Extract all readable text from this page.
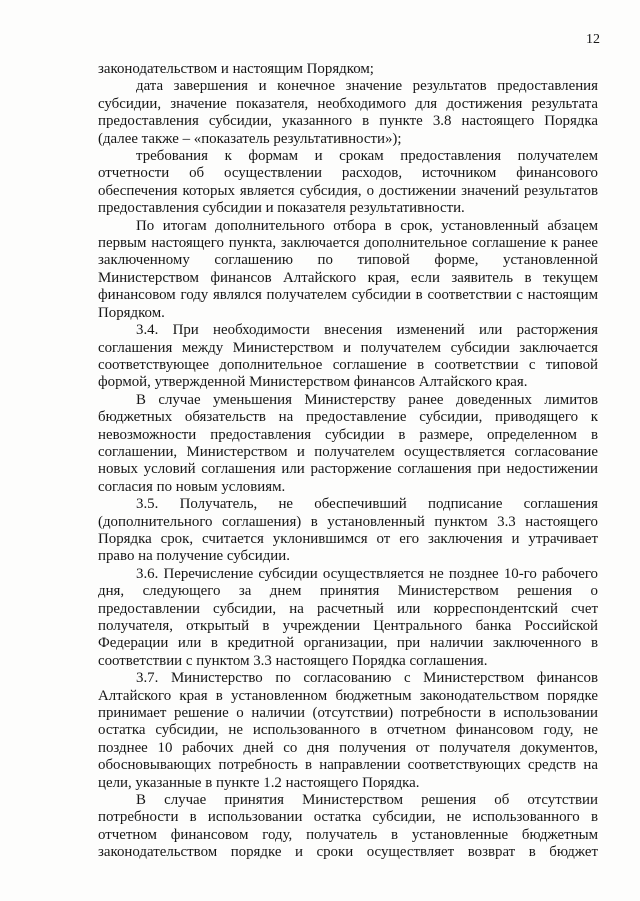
12

законодательством и настоящим Порядком;

дата завершения и конечное значение результатов предоставления
субсидии, значение показателя, необходимого для достижения результата
предоставления субсидии, указанного в пункте 3.8 настоящего Порядка
(далее также – «показатель результативности»);

требования к формам и срокам предоставления получателем
отчетности об осуществлении расходов, источником финансового
обеспечения которых является субсидия, о достижении значений результатов
предоставления субсидии и показателя результативности.

По итогам дополнительного отбора в срок, установленный абзацем
первым настоящего пункта, заключается дополнительное соглашение к ранее
заключенному соглашению по типовой форме, установленной
Министерством финансов Алтайского края, если заявитель в текущем
финансовом году являлся получателем субсидии в соответствии с настоящим
Порядком.

3.4. При необходимости внесения изменений или расторжения
соглашения между Министерством и получателем субсидии заключается
соответствующее дополнительное соглашение в соответствии с типовой
формой, утвержденной Министерством финансов Алтайского края.

В случае уменьшения Министерству ранее доведенных лимитов
бюджетных обязательств на предоставление субсидии, приводящего к
невозможности предоставления субсидии в размере, определенном в
соглашении, Министерством и получателем осуществляется согласование
новых условий соглашения или расторжение соглашения при недостижении
согласия по новым условиям.

3.5. Получатель, не обеспечивший подписание соглашения
(дополнительного соглашения) в установленный пунктом 3.3 настоящего
Порядка срок, считается уклонившимся от его заключения и утрачивает
право на получение субсидии.

3.6. Перечисление субсидии осуществляется не позднее 10-го рабочего
дня, следующего за днем принятия Министерством решения о
предоставлении субсидии, на расчетный или корреспондентский счет
получателя, открытый в учреждении Центрального банка Российской
Федерации или в кредитной организации, при наличии заключенного в
соответствии с пунктом 3.3 настоящего Порядка соглашения.

3.7. Министерство по согласованию с Министерством финансов
Алтайского края в установленном бюджетным законодательством порядке
принимает решение о наличии (отсутствии) потребности в использовании
остатка субсидии, не использованного в отчетном финансовом году, не
позднее 10 рабочих дней со дня получения от получателя документов,
обосновывающих потребность в направлении соответствующих средств на
цели, указанные в пункте 1.2 настоящего Порядка.

В случае принятия Министерством решения об отсутствии
потребности в использовании остатка субсидии, не использованного в
отчетном финансовом году, получатель в установленные бюджетным
законодательством порядке и сроки осуществляет возврат в бюджет
